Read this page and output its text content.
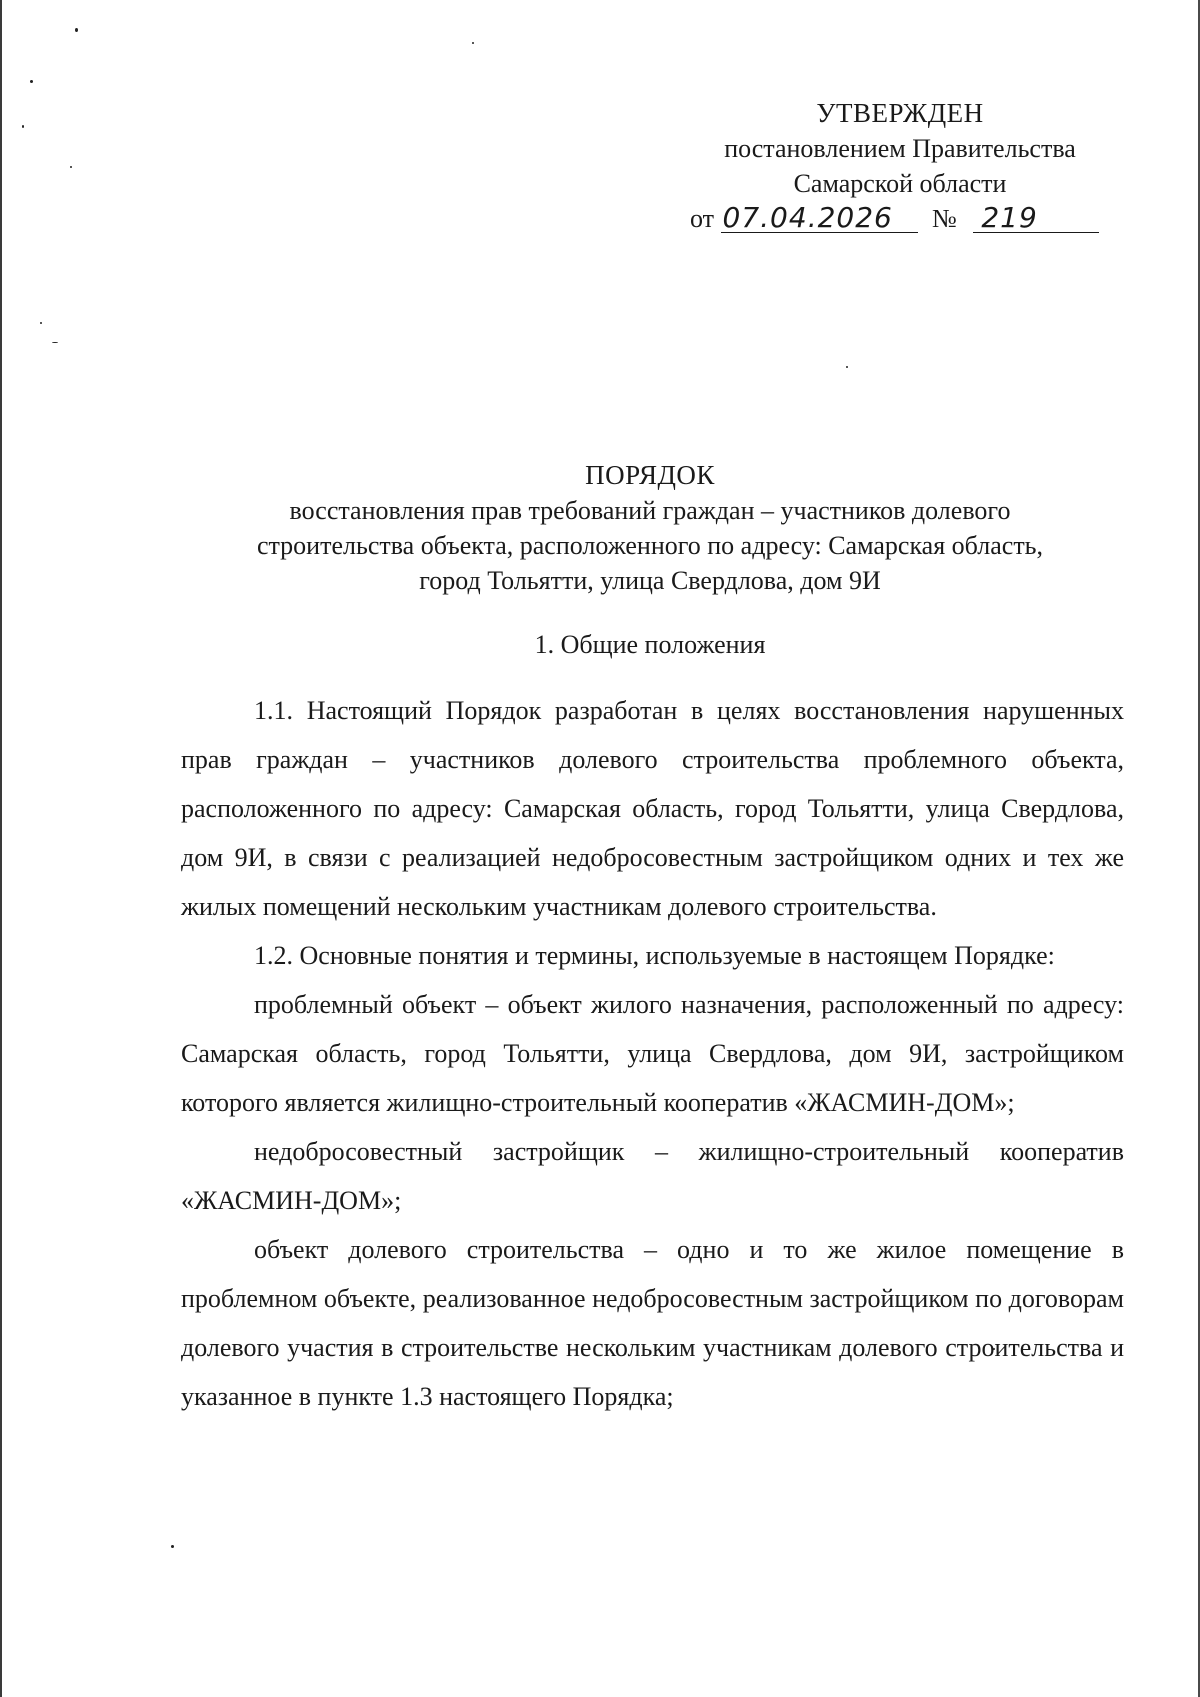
УТВЕРЖДЕН
постановлением Правительства
Самарской области
от 07.04.2026 № 219
ПОРЯДОК
восстановления прав требований граждан – участников долевого
строительства объекта, расположенного по адресу: Самарская область,
город Тольятти, улица Свердлова, дом 9И
1. Общие положения

1.1. Настоящий Порядок разработан в целях восстановления нарушенных прав граждан – участников долевого строительства проблемного объекта, расположенного по адресу: Самарская область, город Тольятти, улица Свердлова, дом 9И, в связи с реализацией недобросовестным застройщиком одних и тех же жилых помещений нескольким участникам долевого строительства.

1.2. Основные понятия и термины, используемые в настоящем Порядке:

проблемный объект – объект жилого назначения, расположенный по адресу: Самарская область, город Тольятти, улица Свердлова, дом 9И, застройщиком которого является жилищно-строительный кооператив «ЖАСМИН-ДОМ»;

недобросовестный застройщик – жилищно-строительный кооператив «ЖАСМИН-ДОМ»;

объект долевого строительства – одно и то же жилое помещение в проблемном объекте, реализованное недобросовестным застройщиком по договорам долевого участия в строительстве нескольким участникам долевого строительства и указанное в пункте 1.3 настоящего Порядка;
